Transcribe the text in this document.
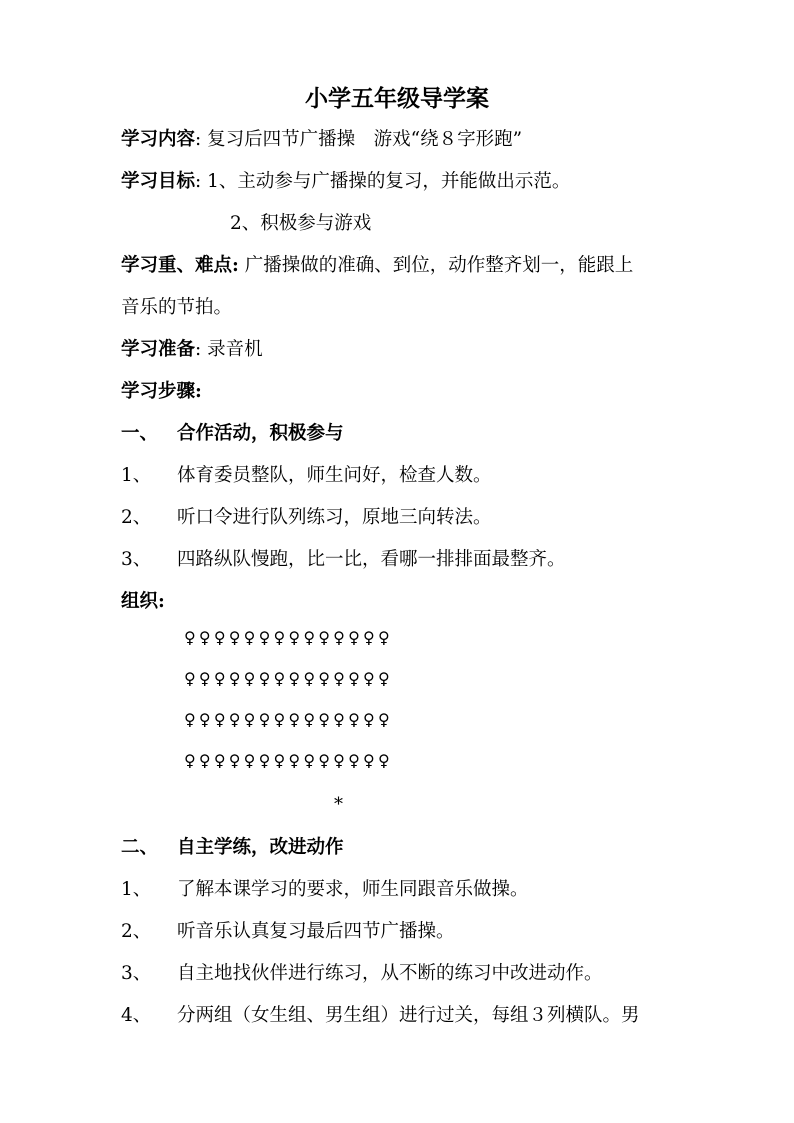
小学五年级导学案
学习内容: 复习后四节广播操　游戏“绕８字形跑”
学习目标: 1、主动参与广播操的复习，并能做出示范。
2、积极参与游戏
学习重、难点: 广播操做的准确、到位，动作整齐划一，能跟上
音乐的节拍。
学习准备: 录音机
学习步骤:
一、 合作活动，积极参与
1、 体育委员整队，师生问好，检查人数。
2、 听口令进行队列练习，原地三向转法。
3、 四路纵队慢跑，比一比，看哪一排排面最整齐。
组织:
♀♀♀♀♀♀♀♀♀♀♀♀♀♀
♀♀♀♀♀♀♀♀♀♀♀♀♀♀
♀♀♀♀♀♀♀♀♀♀♀♀♀♀
♀♀♀♀♀♀♀♀♀♀♀♀♀♀
*
二、 自主学练，改进动作
1、 了解本课学习的要求，师生同跟音乐做操。
2、 听音乐认真复习最后四节广播操。
3、 自主地找伙伴进行练习，从不断的练习中改进动作。
4、 分两组（女生组、男生组）进行过关，每组３列横队。男
